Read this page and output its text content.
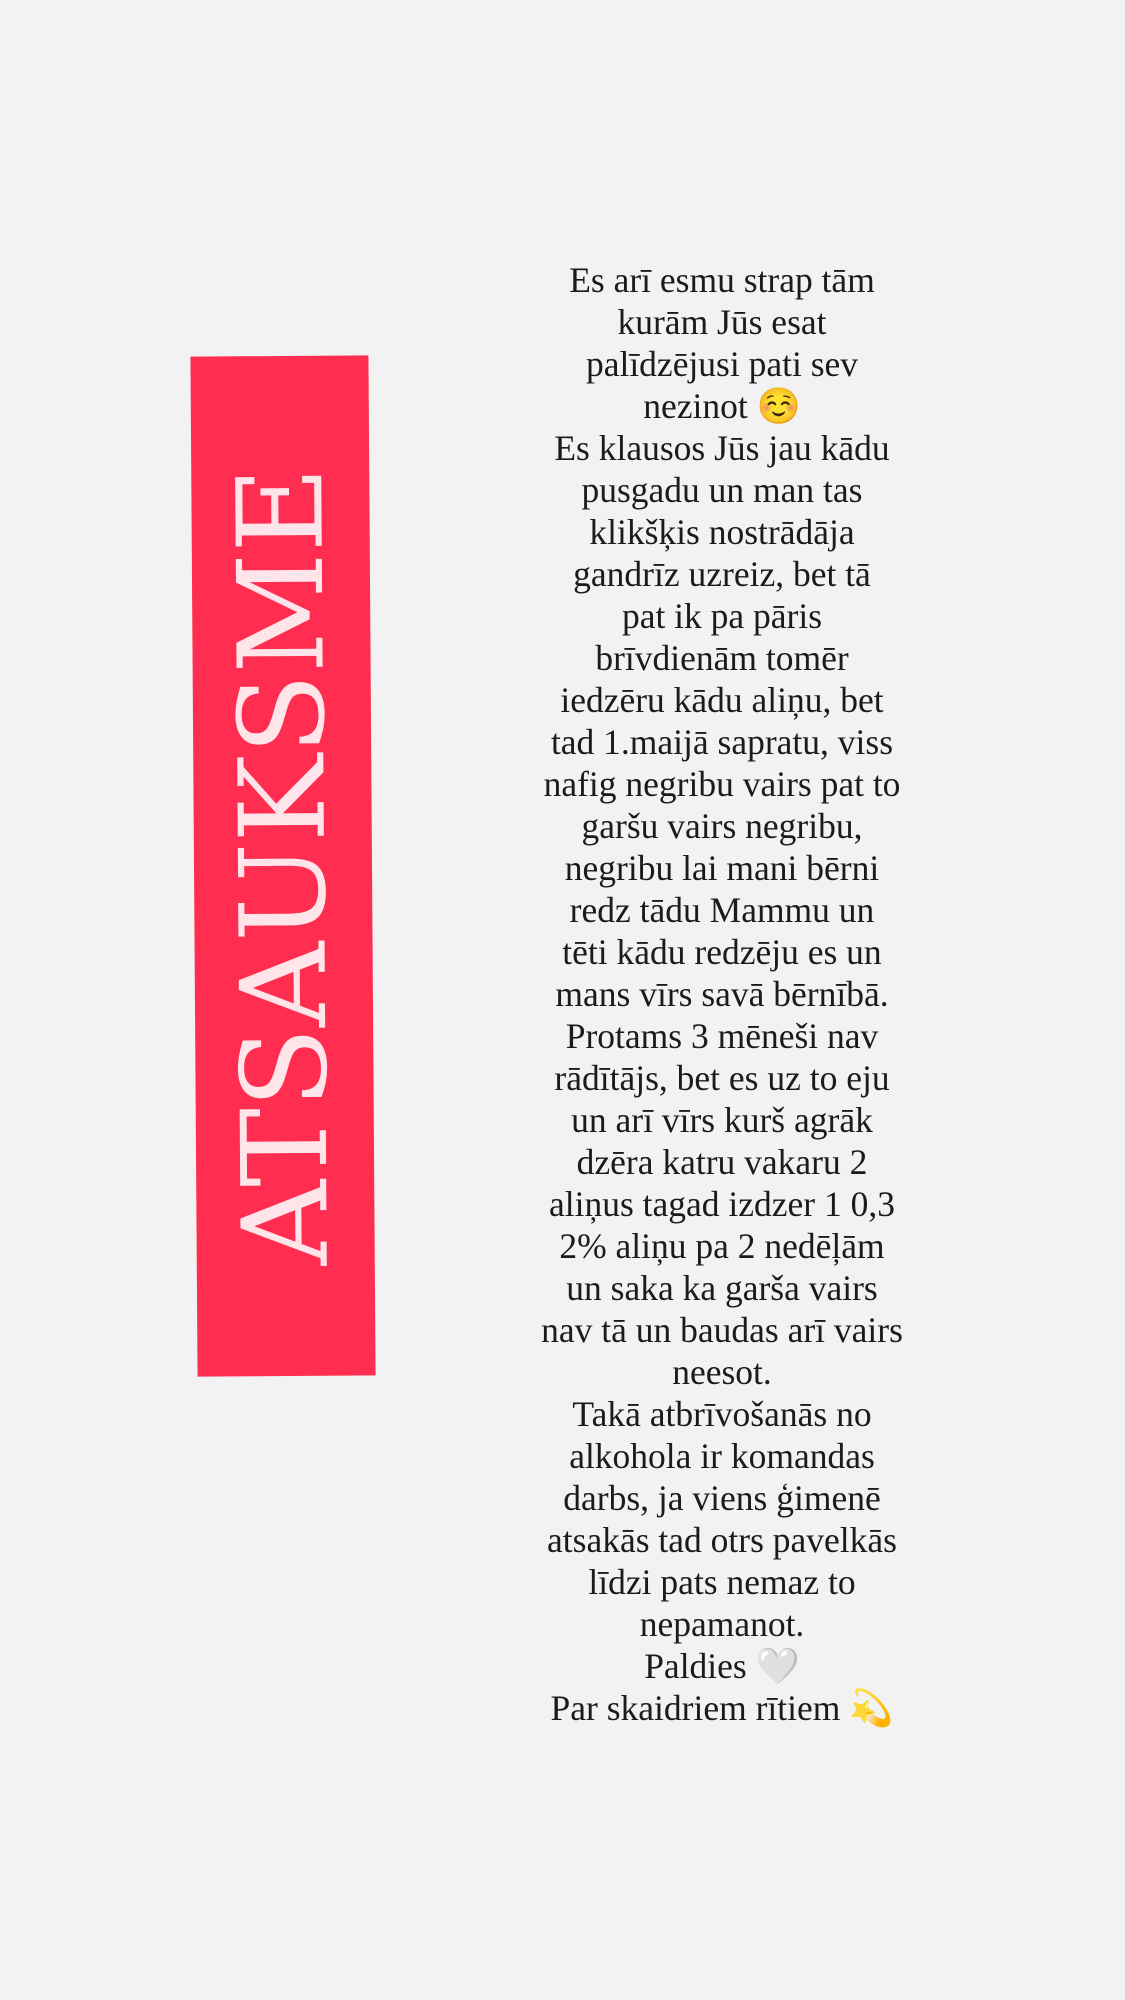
ATSAUKSME
Es arī esmu strap tām
kurām Jūs esat
palīdzējusi pati sev
nezinot ☺️
Es klausos Jūs jau kādu
pusgadu un man tas
klikšķis nostrādāja
gandrīz uzreiz, bet tā
pat ik pa pāris
brīvdienām tomēr
iedzēru kādu aliņu, bet
tad 1.maijā sapratu, viss
nafig negribu vairs pat to
garšu vairs negribu,
negribu lai mani bērni
redz tādu Mammu un
tēti kādu redzēju es un
mans vīrs savā bērnībā.
Protams 3 mēneši nav
rādītājs, bet es uz to eju
un arī vīrs kurš agrāk
dzēra katru vakaru 2
aliņus tagad izdzer 1 0,3
2% aliņu pa 2 nedēļām
un saka ka garša vairs
nav tā un baudas arī vairs
neesot.
Takā atbrīvošanās no
alkohola ir komandas
darbs, ja viens ģimenē
atsakās tad otrs pavelkās
līdzi pats nemaz to
nepamanot.
Paldies 🤍
Par skaidriem rītiem 💫
